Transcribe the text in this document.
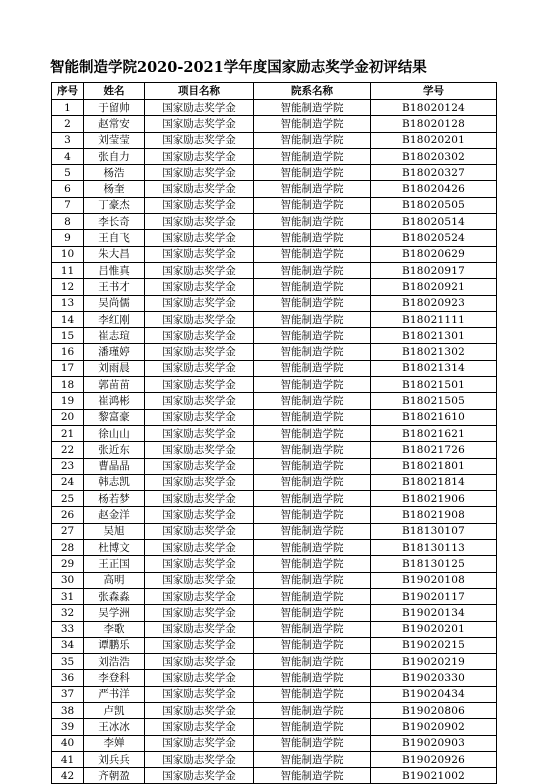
智能制造学院2020-2021学年度国家励志奖学金初评结果
序号	姓名	项目名称	院系名称	学号
1	于留帅	国家励志奖学金	智能制造学院	B18020124
2	赵常安	国家励志奖学金	智能制造学院	B18020128
3	刘莹莹	国家励志奖学金	智能制造学院	B18020201
4	张自力	国家励志奖学金	智能制造学院	B18020302
5	杨浩	国家励志奖学金	智能制造学院	B18020327
6	杨奎	国家励志奖学金	智能制造学院	B18020426
7	丁豪杰	国家励志奖学金	智能制造学院	B18020505
8	李长奇	国家励志奖学金	智能制造学院	B18020514
9	王自飞	国家励志奖学金	智能制造学院	B18020524
10	朱大昌	国家励志奖学金	智能制造学院	B18020629
11	吕惟真	国家励志奖学金	智能制造学院	B18020917
12	王书才	国家励志奖学金	智能制造学院	B18020921
13	吴尚儒	国家励志奖学金	智能制造学院	B18020923
14	李红刚	国家励志奖学金	智能制造学院	B18021111
15	崔志瑄	国家励志奖学金	智能制造学院	B18021301
16	潘瑾婷	国家励志奖学金	智能制造学院	B18021302
17	刘雨晨	国家励志奖学金	智能制造学院	B18021314
18	郭苗苗	国家励志奖学金	智能制造学院	B18021501
19	崔鸿彬	国家励志奖学金	智能制造学院	B18021505
20	黎富豪	国家励志奖学金	智能制造学院	B18021610
21	徐山山	国家励志奖学金	智能制造学院	B18021621
22	张近东	国家励志奖学金	智能制造学院	B18021726
23	曹晶晶	国家励志奖学金	智能制造学院	B18021801
24	韩志凯	国家励志奖学金	智能制造学院	B18021814
25	杨若梦	国家励志奖学金	智能制造学院	B18021906
26	赵金洋	国家励志奖学金	智能制造学院	B18021908
27	吴旭	国家励志奖学金	智能制造学院	B18130107
28	杜博文	国家励志奖学金	智能制造学院	B18130113
29	王正国	国家励志奖学金	智能制造学院	B18130125
30	高明	国家励志奖学金	智能制造学院	B19020108
31	张森淼	国家励志奖学金	智能制造学院	B19020117
32	吴学洲	国家励志奖学金	智能制造学院	B19020134
33	李歌	国家励志奖学金	智能制造学院	B19020201
34	谭鹏乐	国家励志奖学金	智能制造学院	B19020215
35	刘浩浩	国家励志奖学金	智能制造学院	B19020219
36	李登科	国家励志奖学金	智能制造学院	B19020330
37	严书洋	国家励志奖学金	智能制造学院	B19020434
38	卢凯	国家励志奖学金	智能制造学院	B19020806
39	王冰冰	国家励志奖学金	智能制造学院	B19020902
40	李婵	国家励志奖学金	智能制造学院	B19020903
41	刘兵兵	国家励志奖学金	智能制造学院	B19020926
42	齐朝盈	国家励志奖学金	智能制造学院	B19021002
